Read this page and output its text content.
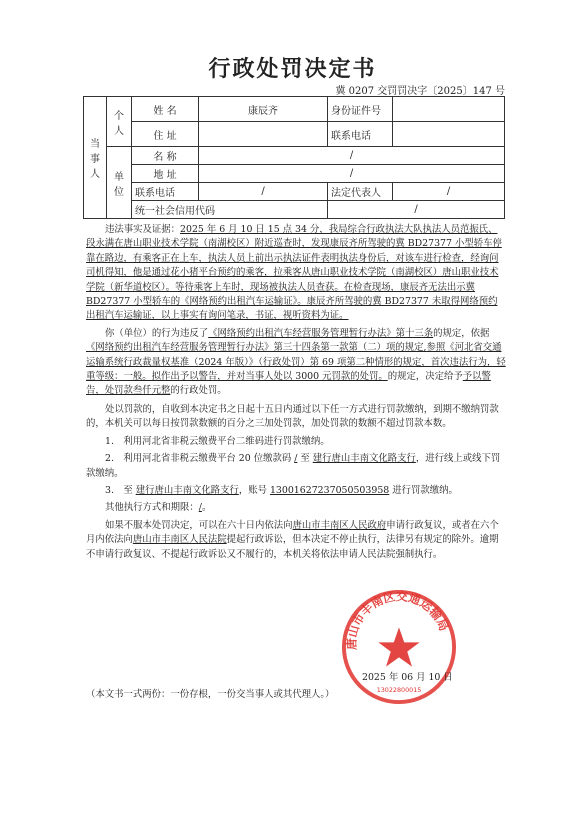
行政处罚决定书
冀 0207 交罚罚决字〔2025〕147 号
当事人	个人	姓 名	康辰齐	身份证件号	
		住 址		联系电话	
	单位	名 称	/		
		地 址	/		
		联系电话	/	法定代表人	/
		统一社会信用代码		/	

违法事实及证据：2025 年 6 月 10 日 15 点 34 分，我局综合行政执法大队执法人员范振氏、段永满在唐山职业技术学院（南湖校区）附近巡查时，发现康辰齐所驾驶的冀 BD27377 小型轿车停靠在路边，有乘客正在上车，执法人员上前出示执法证件表明执法身份后，对该车进行检查，经询问司机得知，他是通过花小猪平台预约的乘客，拉乘客从唐山职业技术学院（南湖校区）唐山职业技术学院（新华道校区）。等待乘客上车时，现场被执法人员查获。在检查现场，康辰齐无法出示冀 BD27377 小型轿车的《网络预约出租汽车运输证》。康辰齐所驾驶的冀 BD27377 未取得网络预约出租汽车运输证，以上事实有询问笔录，书证，视听资料为证。

你（单位）的行为违反了《网络预约出租汽车经营服务管理暂行办法》第十三条的规定，依据《网络预约出租汽车经营服务管理暂行办法》第三十四条第一款第（二）项的规定,参照《河北省交通运输系统行政裁量权基准（2024 年版）》（行政处罚）第 69 项第二种情形的规定，首次违法行为，轻重等级：一般。拟作出予以警告，并对当事人处以 3000 元罚款的处罚。的规定，决定给予予以警告，处罚款叁仟元整的行政处罚。

处以罚款的，自收到本决定书之日起十五日内通过以下任一方式进行罚款缴纳，到期不缴纳罚款的，本机关可以每日按罚款数额的百分之三加处罚款，加处罚款的数额不超过罚款本数。

1.　利用河北省非税云缴费平台二维码进行罚款缴纳。

2.　利用河北省非税云缴费平台 20 位缴款码 / 至 建行唐山丰南文化路支行，进行线上或线下罚款缴纳。

3.　至 建行唐山丰南文化路支行，账号 13001627237050503958 进行罚款缴纳。

其他执行方式和期限：/。

如果不服本处罚决定，可以在六十日内依法向唐山市丰南区人民政府申请行政复议，或者在六个月内依法向唐山市丰南区人民法院提起行政诉讼，但本决定不停止执行，法律另有规定的除外。逾期不申请行政复议、不提起行政诉讼又不履行的，本机关将依法申请人民法院强制执行。

唐山市丰南区交通运输局
13022800015
2025 年 06 月 10 日
（本文书一式两份：一份存根，一份交当事人或其代理人。）
